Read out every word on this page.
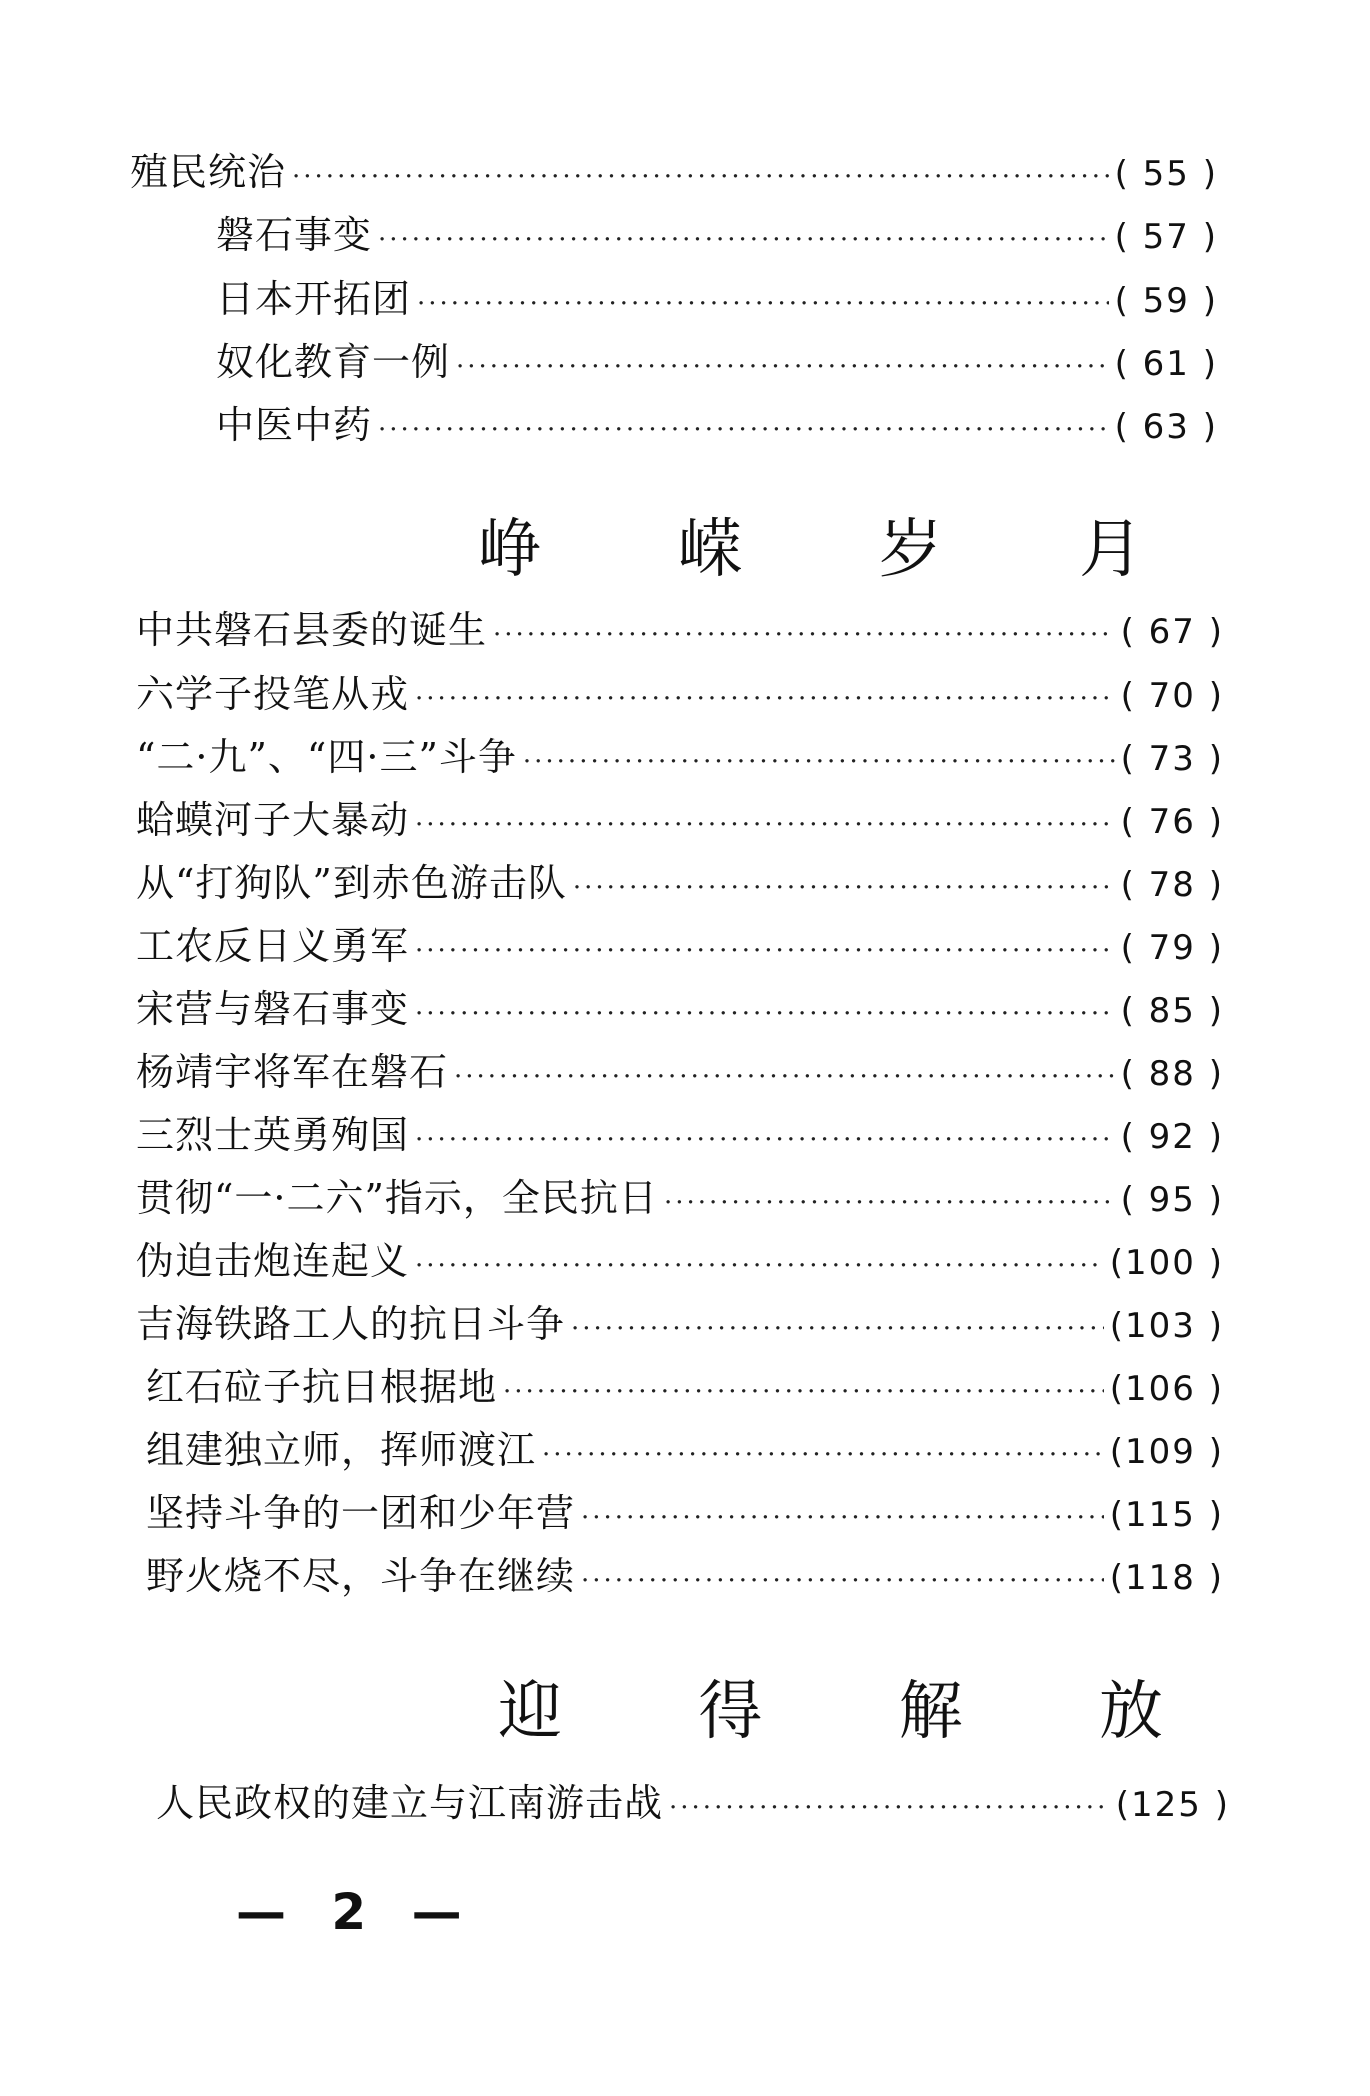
殖民统治 ·····	( 55 )
磐石事变 ·····	( 57 )
日本开拓团 ·····	( 59 )
奴化教育一例 ·····	( 61 )
中医中药 ·····	( 63 )
峥 嵘 岁 月
中共磐石县委的诞生 ·····	( 67 )
六学子投笔从戎 ·····	( 70 )
“二·九”、“四·三”斗争 ·····	( 73 )
蛤蟆河子大暴动 ·····	( 76 )
从“打狗队”到赤色游击队 ·····	( 78 )
工农反日义勇军 ·····	( 79 )
宋营与磐石事变 ·····	( 85 )
杨靖宇将军在磐石 ·····	( 88 )
三烈士英勇殉国 ·····	( 92 )
贯彻“一·二六”指示，全民抗日 ·····	( 95 )
伪迫击炮连起义 ·····	(100 )
吉海铁路工人的抗日斗争 ·····	(103 )
红石砬子抗日根据地 ·····	(106 )
组建独立师，挥师渡江 ·····	(109 )
坚持斗争的一团和少年营 ·····	(115 )
野火烧不尽，斗争在继续 ·····	(118 )
迎 得 解 放
人民政权的建立与江南游击战 ·····	(125 )
— 2 —
